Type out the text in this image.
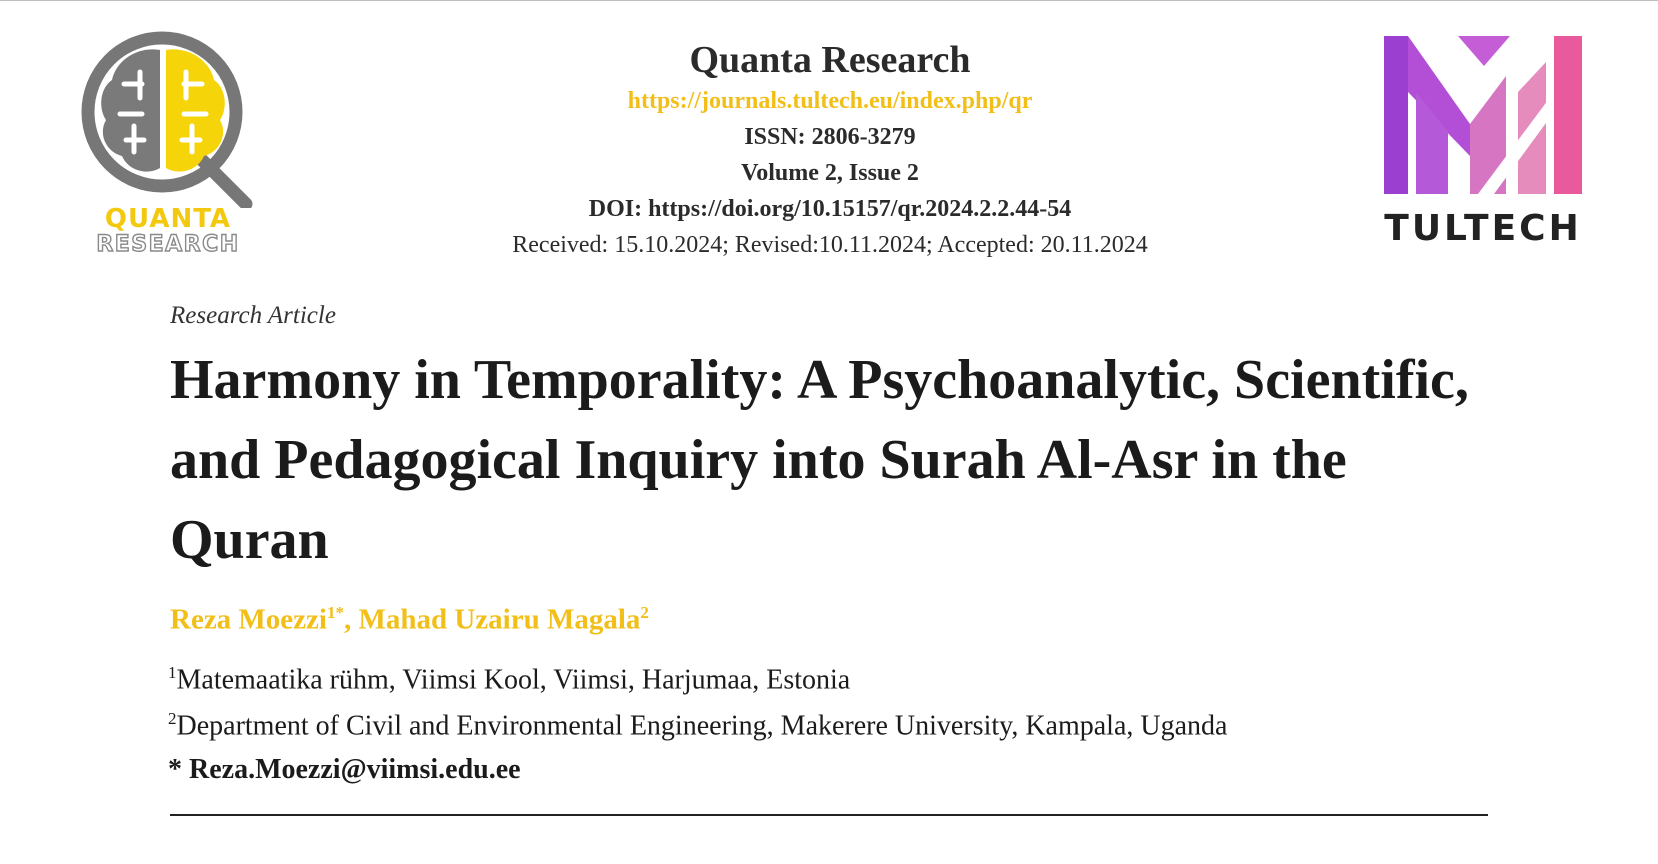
QUANTA
RESEARCH	TULTECH
Quanta Research
https://journals.tultech.eu/index.php/qr
ISSN: 2806-3279
Volume 2, Issue 2
DOI: https://doi.org/10.15157/qr.2024.2.2.44-54
Received: 15.10.2024; Revised:10.11.2024; Accepted: 20.11.2024
Research Article
Harmony in Temporality: A Psychoanalytic, Scientific, and Pedagogical Inquiry into Surah Al-Asr in the Quran
Reza Moezzi$^{1*}$, Mahad Uzairu Magala$^2$
$^1$Matemaatika rühm, Viimsi Kool, Viimsi, Harjumaa, Estonia
$^2$Department of Civil and Environmental Engineering, Makerere University, Kampala, Uganda
* Reza.Moezzi@viimsi.edu.ee
